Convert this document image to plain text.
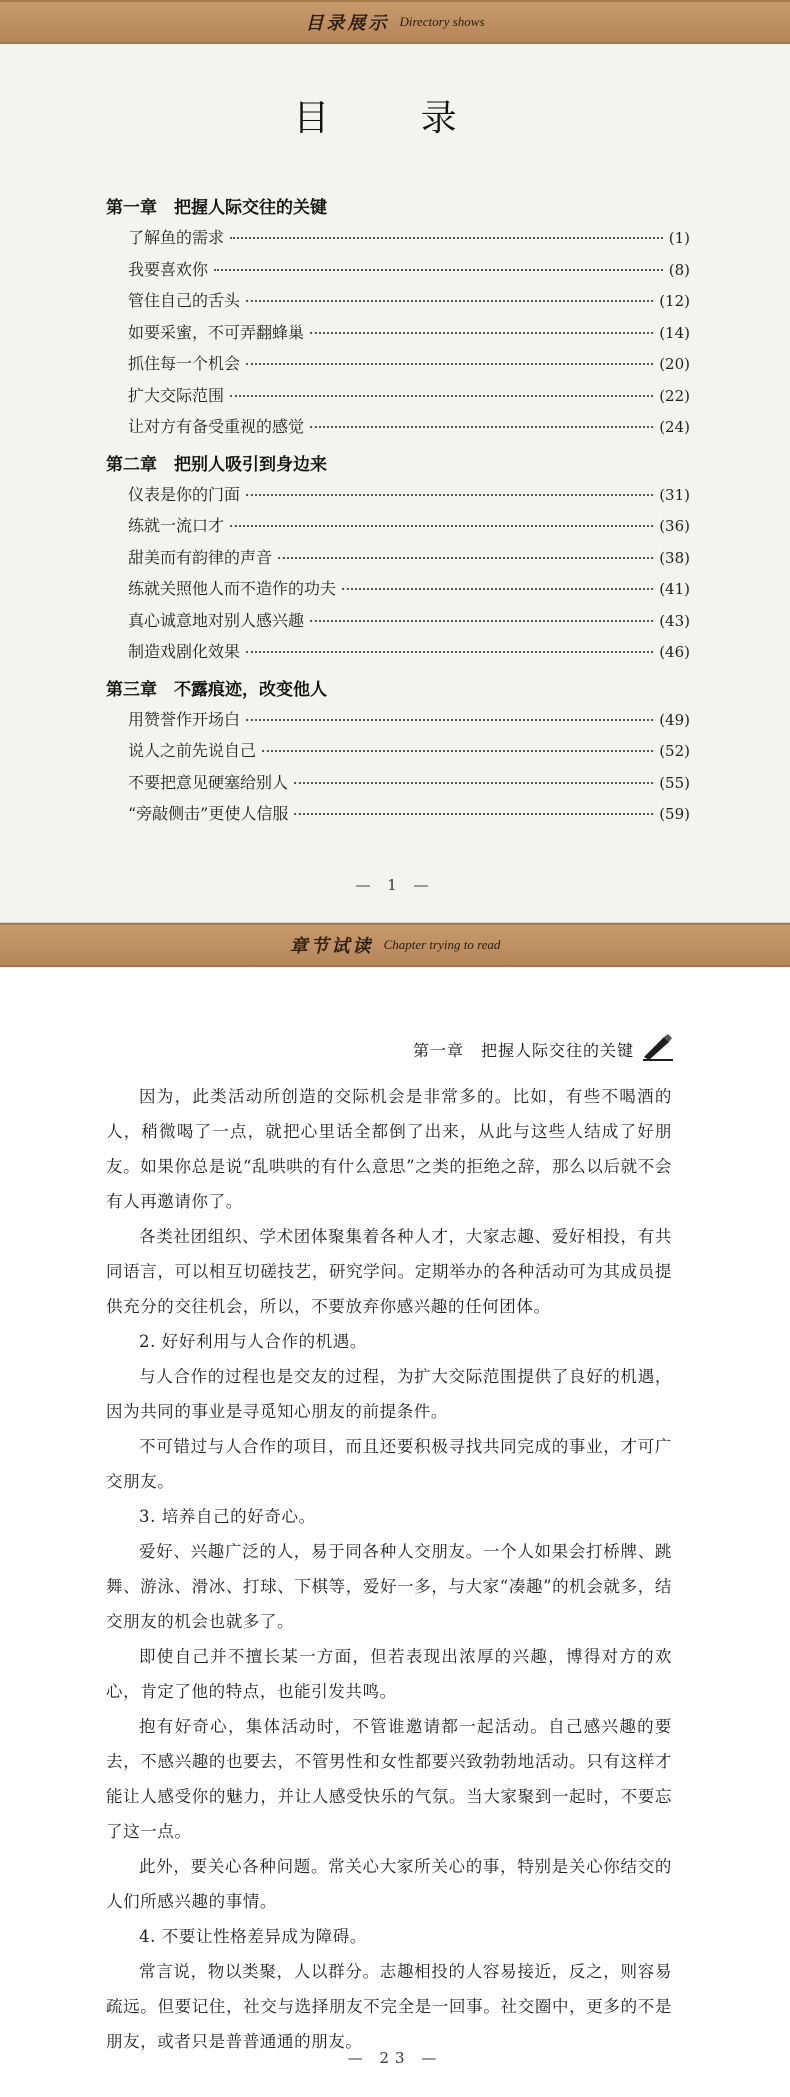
目录展示 Directory shows
目 录
第一章　把握人际交往的关键
了解鱼的需求	(1)
我要喜欢你	(8)
管住自己的舌头	(12)
如要采蜜，不可弄翻蜂巢	(14)
抓住每一个机会	(20)
扩大交际范围	(22)
让对方有备受重视的感觉	(24)
第二章　把别人吸引到身边来
仪表是你的门面	(31)
练就一流口才	(36)
甜美而有韵律的声音	(38)
练就关照他人而不造作的功夫	(41)
真心诚意地对别人感兴趣	(43)
制造戏剧化效果	(46)
第三章　不露痕迹，改变他人
用赞誉作开场白	(49)
说人之前先说自己	(52)
不要把意见硬塞给别人	(55)
“旁敲侧击”更使人信服	(59)
— 1 —
章节试读 Chapter trying to read
第一章　把握人际交往的关键

因为，此类活动所创造的交际机会是非常多的。比如，有些不喝酒的人，稍微喝了一点，就把心里话全都倒了出来，从此与这些人结成了好朋友。如果你总是说“乱哄哄的有什么意思”之类的拒绝之辞，那么以后就不会有人再邀请你了。

各类社团组织、学术团体聚集着各种人才，大家志趣、爱好相投，有共同语言，可以相互切磋技艺，研究学问。定期举办的各种活动可为其成员提供充分的交往机会，所以，不要放弃你感兴趣的任何团体。

2. 好好利用与人合作的机遇。

与人合作的过程也是交友的过程，为扩大交际范围提供了良好的机遇，因为共同的事业是寻觅知心朋友的前提条件。

不可错过与人合作的项目，而且还要积极寻找共同完成的事业，才可广交朋友。

3. 培养自己的好奇心。

爱好、兴趣广泛的人，易于同各种人交朋友。一个人如果会打桥牌、跳舞、游泳、滑冰、打球、下棋等，爱好一多，与大家“凑趣”的机会就多，结交朋友的机会也就多了。

即使自己并不擅长某一方面，但若表现出浓厚的兴趣，博得对方的欢心，肯定了他的特点，也能引发共鸣。

抱有好奇心，集体活动时，不管谁邀请都一起活动。自己感兴趣的要去，不感兴趣的也要去，不管男性和女性都要兴致勃勃地活动。只有这样才能让人感受你的魅力，并让人感受快乐的气氛。当大家聚到一起时，不要忘了这一点。

此外，要关心各种问题。常关心大家所关心的事，特别是关心你结交的人们所感兴趣的事情。

4. 不要让性格差异成为障碍。

常言说，物以类聚，人以群分。志趣相投的人容易接近，反之，则容易疏远。但要记住，社交与选择朋友不完全是一回事。社交圈中，更多的不是朋友，或者只是普普通通的朋友。

— 23 —
